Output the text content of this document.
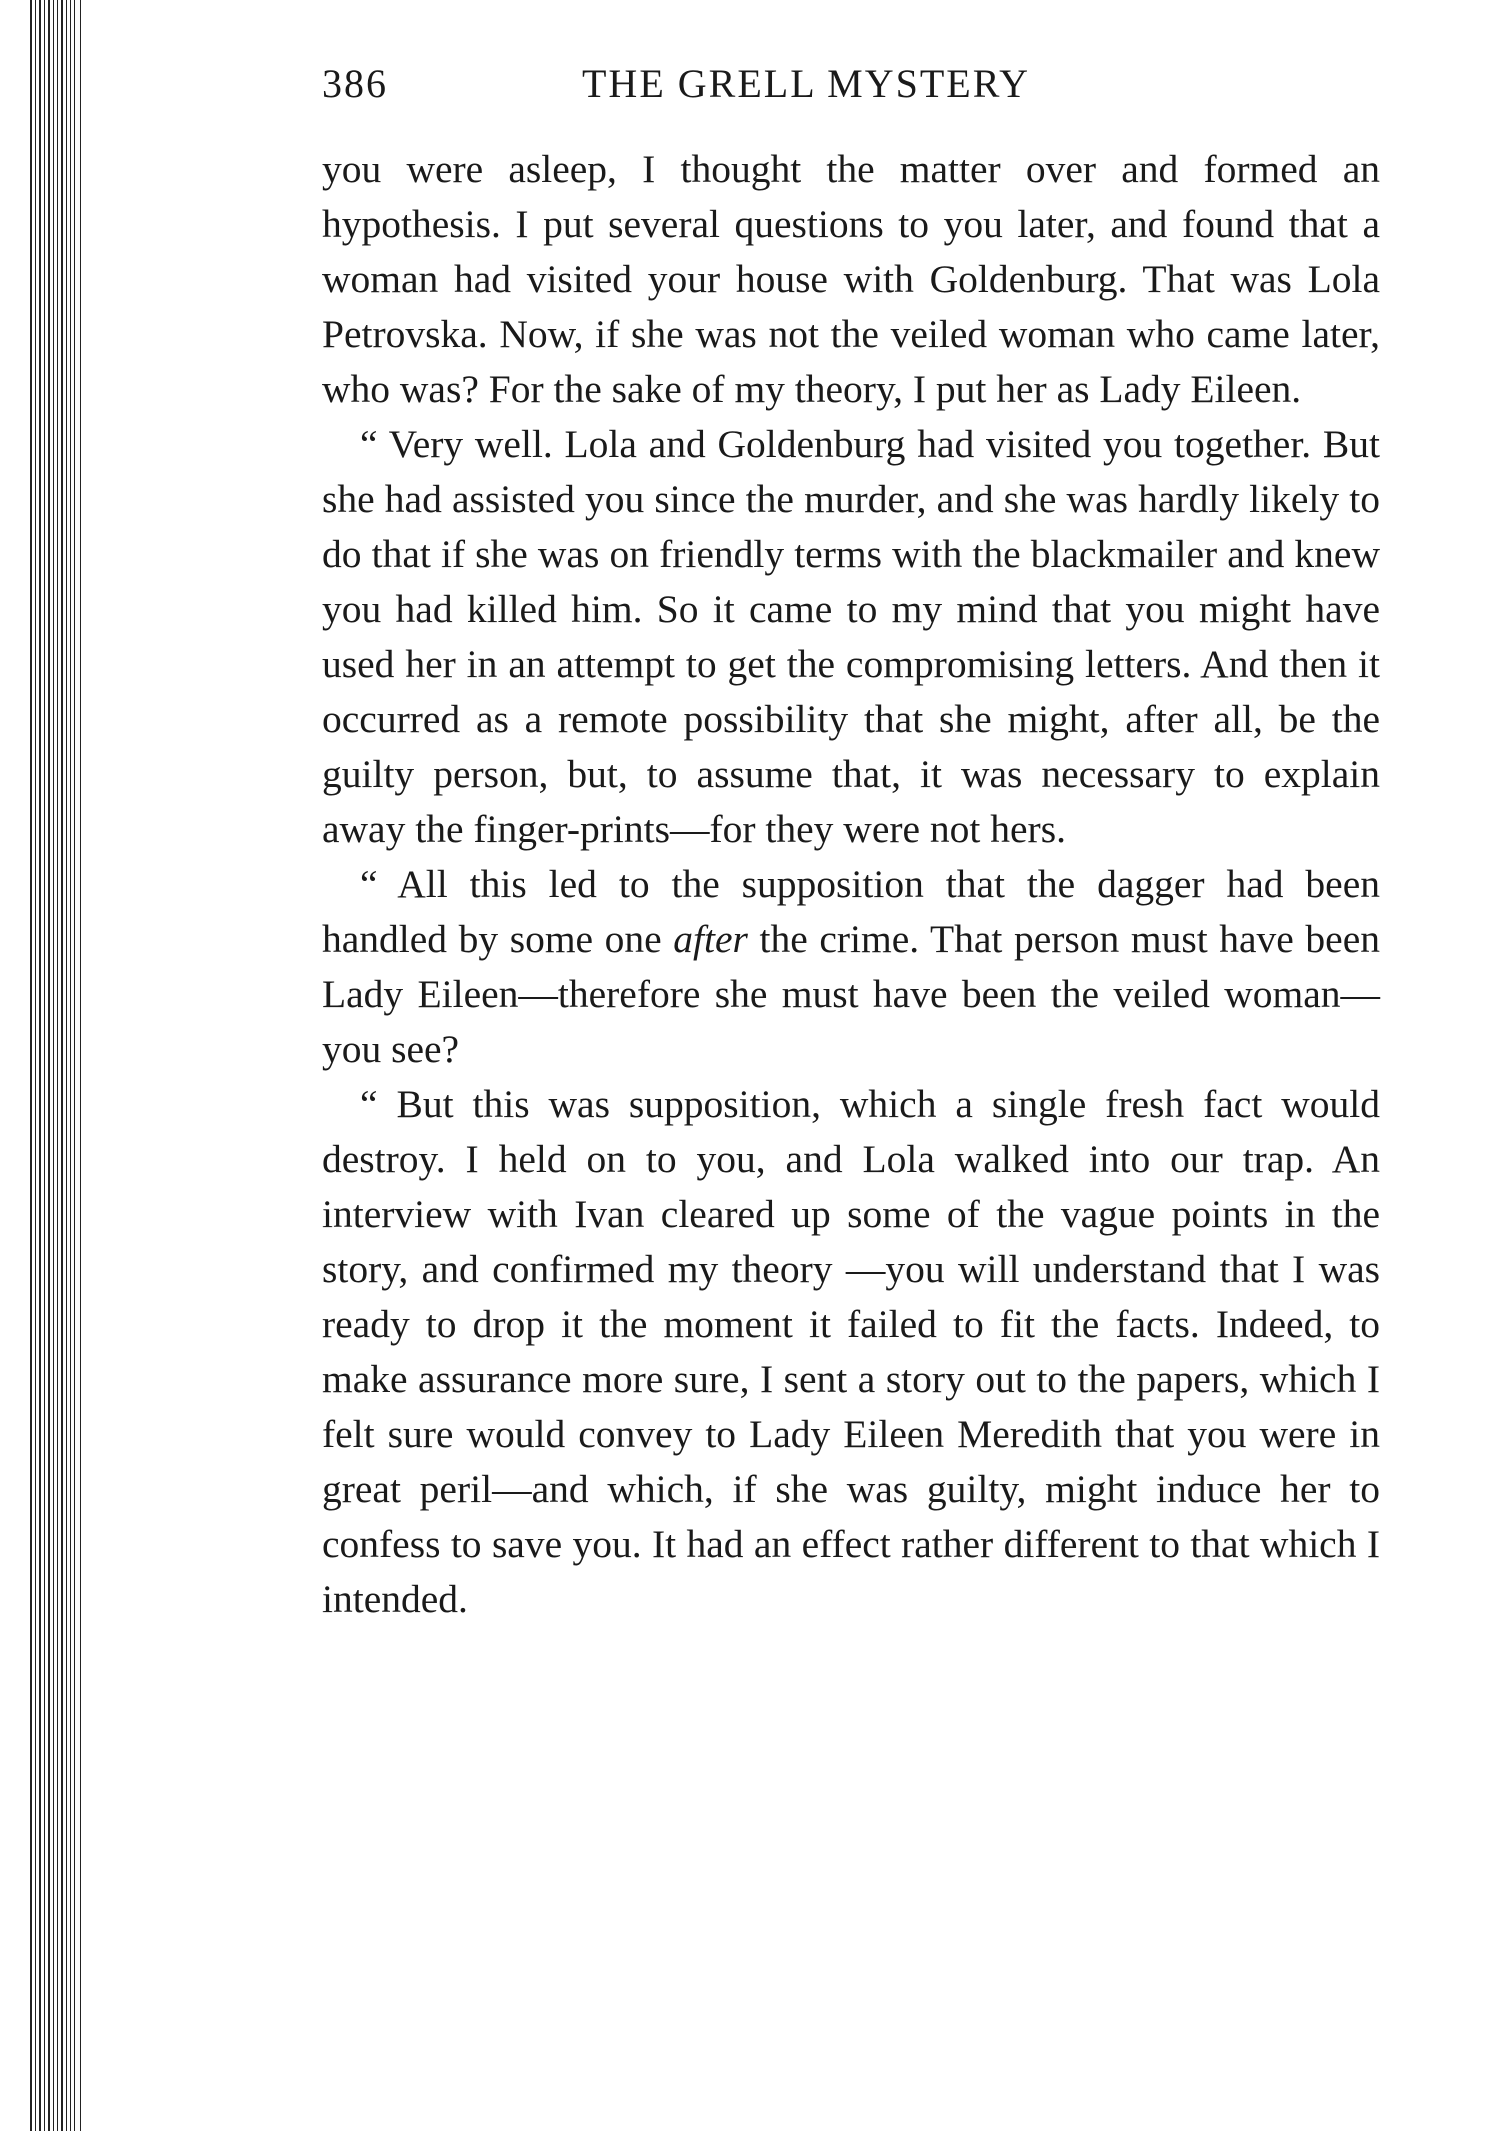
386	THE GRELL MYSTERY

you were asleep, I thought the matter over and formed an hypothesis. I put several questions to you later, and found that a woman had visited your house with Goldenburg. That was Lola Petrovska. Now, if she was not the veiled woman who came later, who was? For the sake of my theory, I put her as Lady Eileen.

“ Very well. Lola and Goldenburg had visited you together. But she had assisted you since the murder, and she was hardly likely to do that if she was on friendly terms with the blackmailer and knew you had killed him. So it came to my mind that you might have used her in an attempt to get the compromising letters. And then it occurred as a remote possibility that she might, after all, be the guilty person, but, to assume that, it was necessary to explain away the finger-prints—for they were not hers.

“ All this led to the supposition that the dagger had been handled by some one after the crime. That person must have been Lady Eileen—therefore she must have been the veiled woman—you see?

“ But this was supposition, which a single fresh fact would destroy. I held on to you, and Lola walked into our trap. An interview with Ivan cleared up some of the vague points in the story, and confirmed my theory —you will understand that I was ready to drop it the moment it failed to fit the facts. Indeed, to make assurance more sure, I sent a story out to the papers, which I felt sure would convey to Lady Eileen Meredith that you were in great peril—and which, if she was guilty, might induce her to confess to save you. It had an effect rather different to that which I intended.
